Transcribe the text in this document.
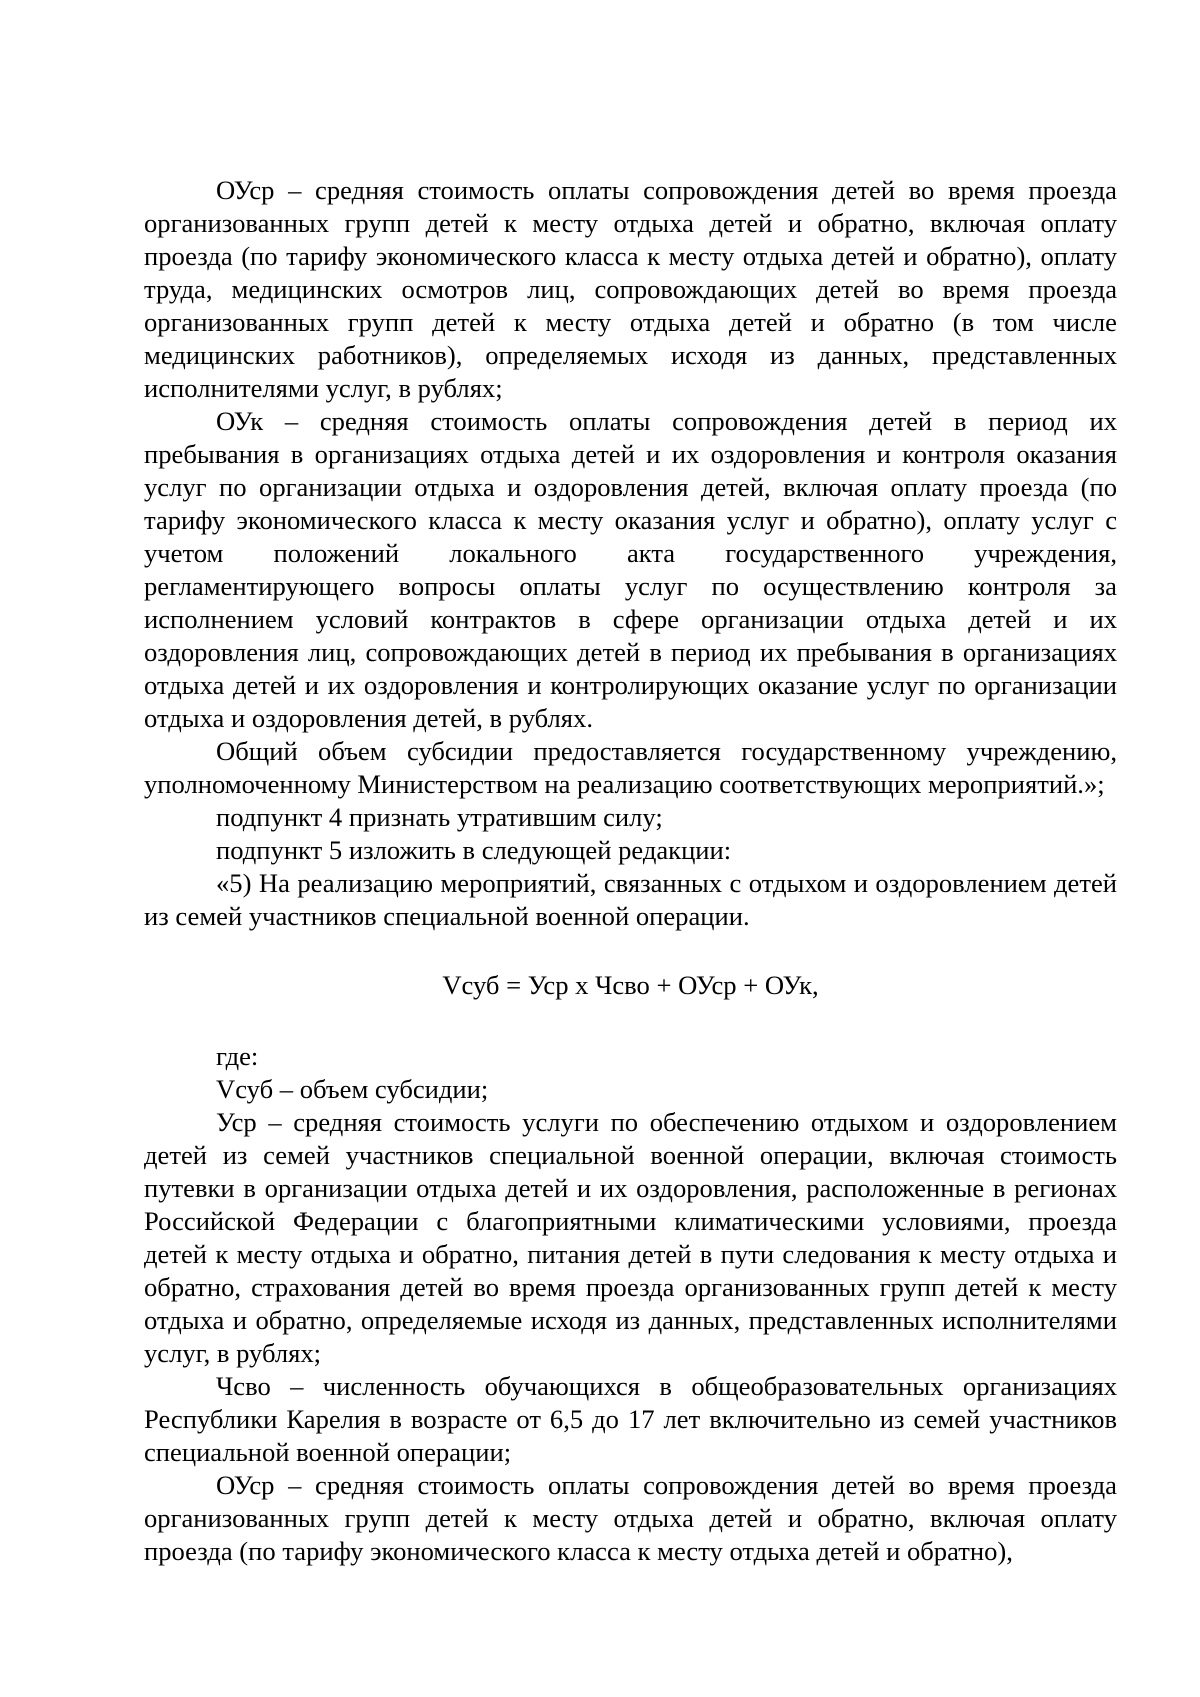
ОУср – средняя стоимость оплаты сопровождения детей во время проезда организованных групп детей к месту отдыха детей и обратно, включая оплату проезда (по тарифу экономического класса к месту отдыха детей и обратно), оплату труда, медицинских осмотров лиц, сопровождающих детей во время проезда организованных групп детей к месту отдыха детей и обратно (в том числе медицинских работников), определяемых исходя из данных, представленных исполнителями услуг, в рублях;

ОУк – средняя стоимость оплаты сопровождения детей в период их пребывания в организациях отдыха детей и их оздоровления и контроля оказания услуг по организации отдыха и оздоровления детей, включая оплату проезда (по тарифу экономического класса к месту оказания услуг и обратно), оплату услуг с учетом положений локального акта государственного учреждения, регламентирующего вопросы оплаты услуг по осуществлению контроля за исполнением условий контрактов в сфере организации отдыха детей и их оздоровления лиц, сопровождающих детей в период их пребывания в организациях отдыха детей и их оздоровления и контролирующих оказание услуг по организации отдыха и оздоровления детей, в рублях.

Общий объем субсидии предоставляется государственному учреждению, уполномоченному Министерством на реализацию соответствующих мероприятий.»;

подпункт 4 признать утратившим силу;

подпункт 5 изложить в следующей редакции:

«5) На реализацию мероприятий, связанных с отдыхом и оздоровлением детей из семей участников специальной военной операции.

Vсуб = Уср х Чсво + ОУср + ОУк,

где:

Vсуб – объем субсидии;

Уср – средняя стоимость услуги по обеспечению отдыхом и оздоровлением детей из семей участников специальной военной операции, включая стоимость путевки в организации отдыха детей и их оздоровления, расположенные в регионах Российской Федерации с благоприятными климатическими условиями, проезда детей к месту отдыха и обратно, питания детей в пути следования к месту отдыха и обратно, страхования детей во время проезда организованных групп детей к месту отдыха и обратно, определяемые исходя из данных, представленных исполнителями услуг, в рублях;

Чсво – численность обучающихся в общеобразовательных организациях Республики Карелия в возрасте от 6,5 до 17 лет включительно из семей участников специальной военной операции;

ОУср – средняя стоимость оплаты сопровождения детей во время проезда организованных групп детей к месту отдыха детей и обратно, включая оплату проезда (по тарифу экономического класса к месту отдыха детей и обратно),
